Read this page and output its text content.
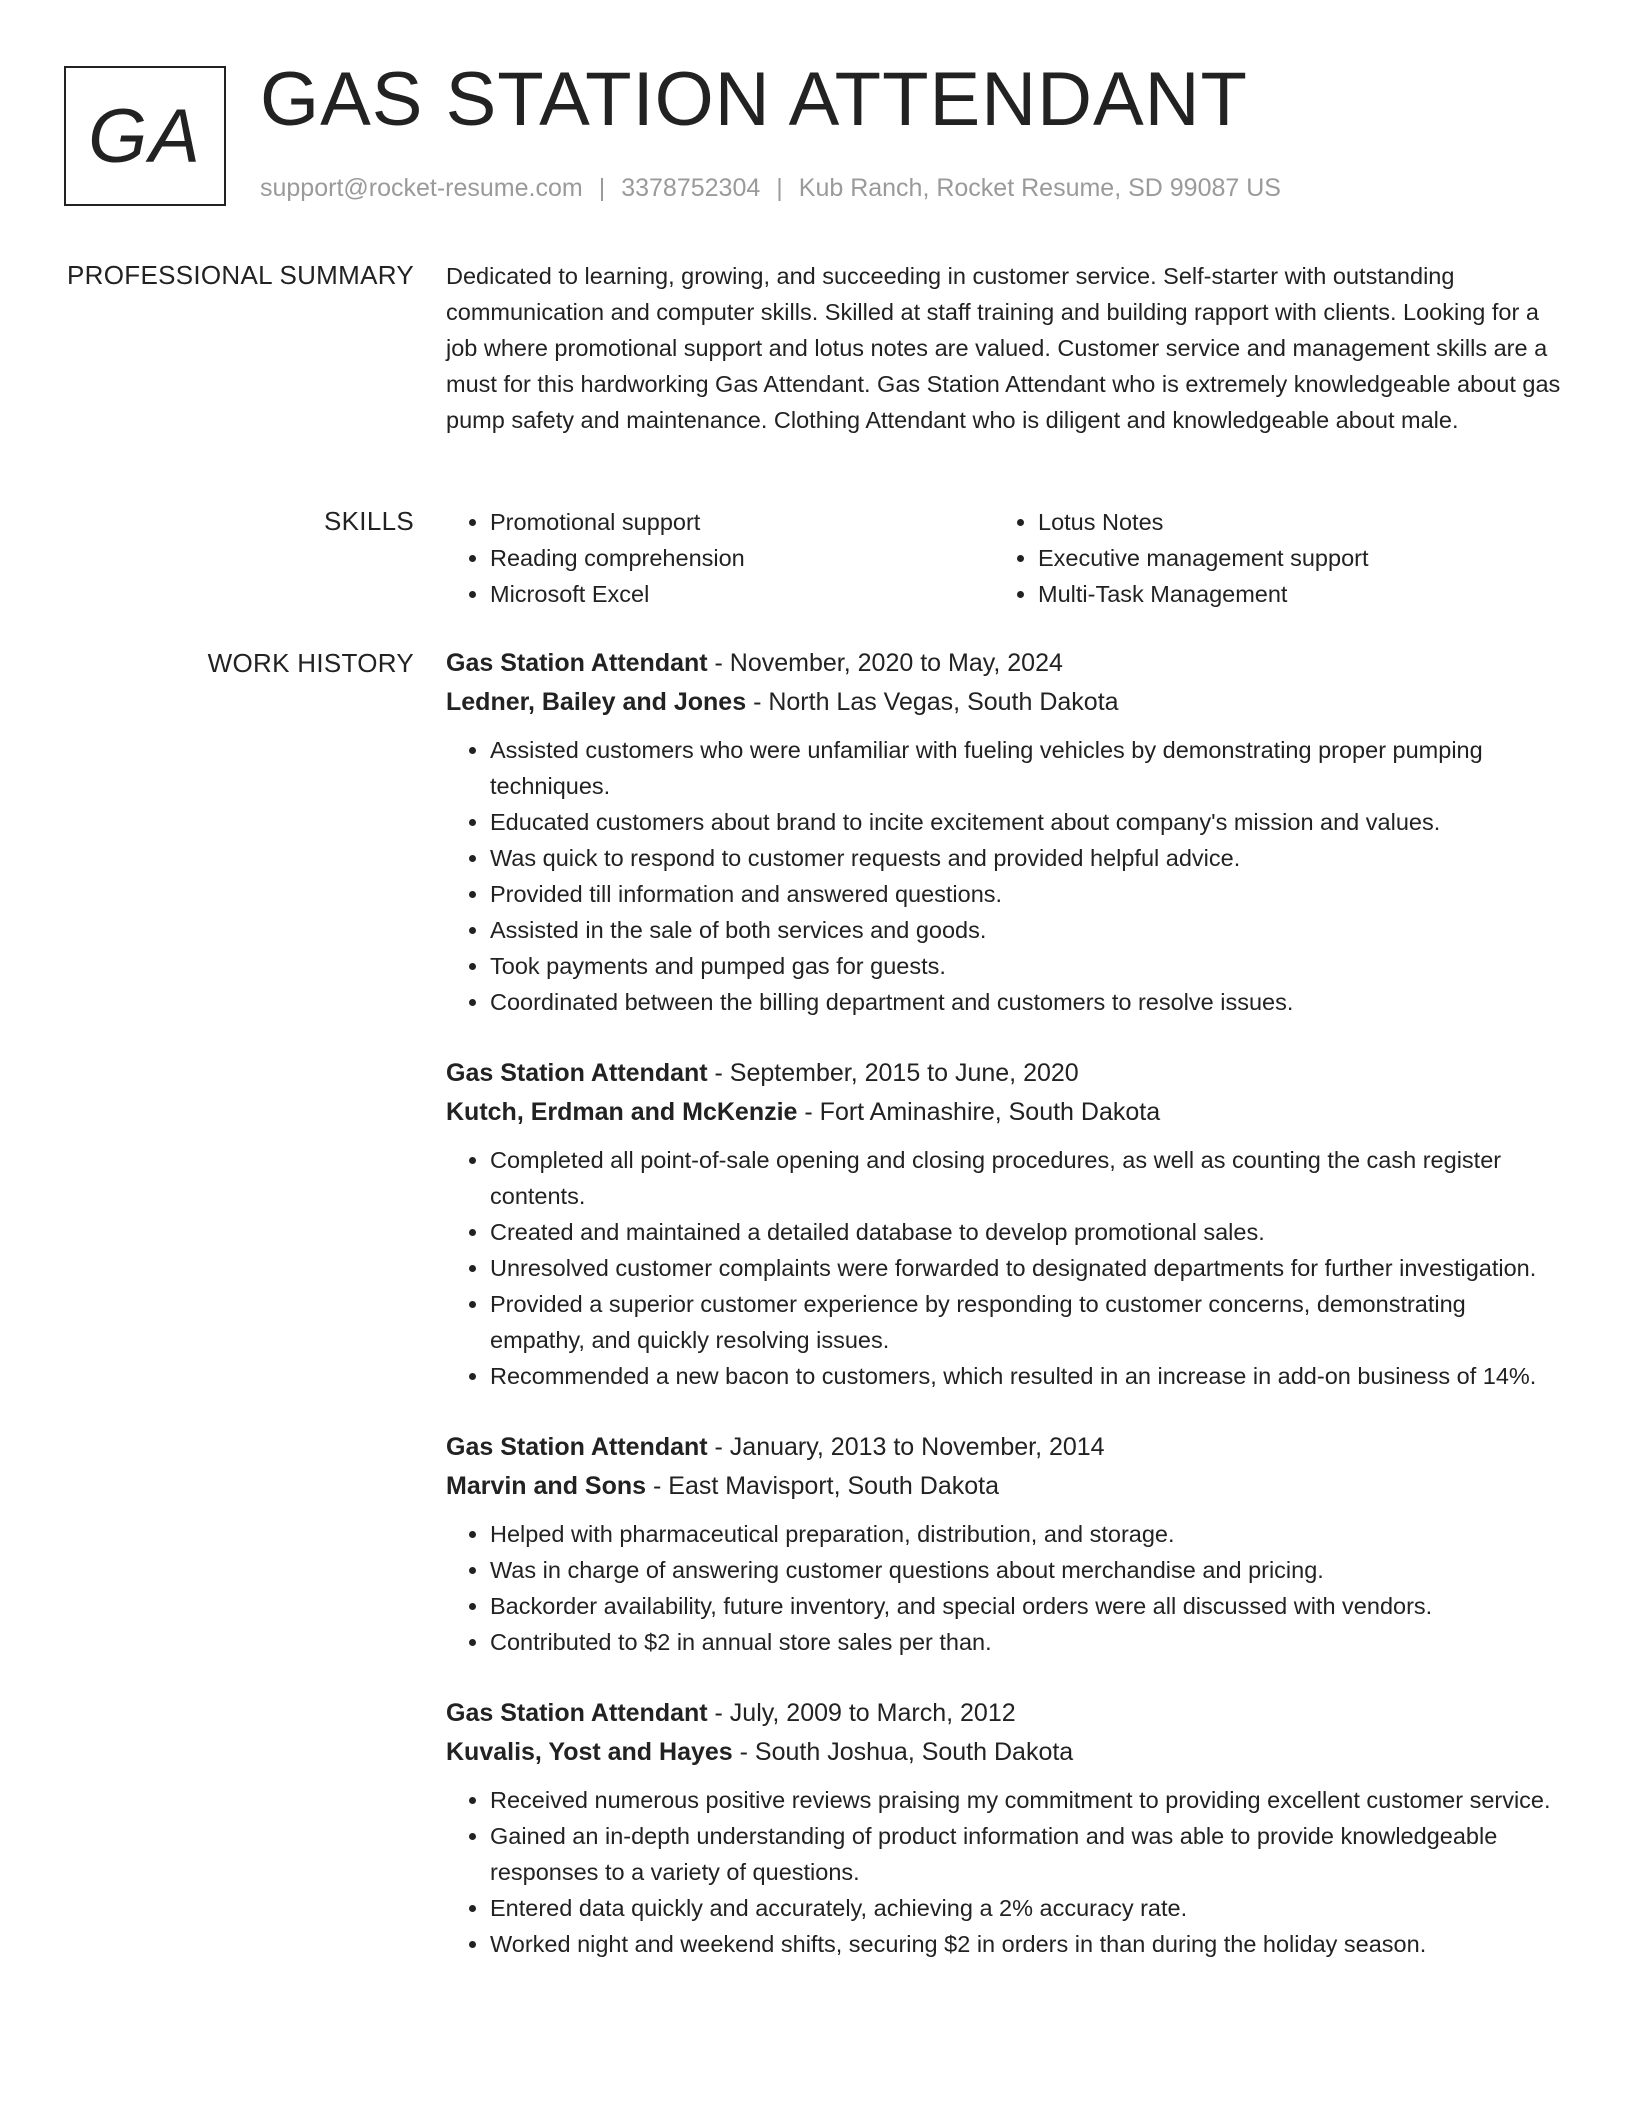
GA GAS STATION ATTENDANT
support@rocket-resume.com | 3378752304 | Kub Ranch, Rocket Resume, SD 99087 US
PROFESSIONAL SUMMARY Dedicated to learning, growing, and succeeding in customer service. Self-starter with outstanding communication and computer skills. Skilled at staff training and building rapport with clients. Looking for a job where promotional support and lotus notes are valued. Customer service and management skills are a must for this hardworking Gas Attendant. Gas Station Attendant who is extremely knowledgeable about gas pump safety and maintenance. Clothing Attendant who is diligent and knowledgeable about male.

SKILLS
•	Promotional support
• Reading comprehension
• Microsoft Excel
• Lotus Notes
• Executive management support
• Multi-Task Management
WORK HISTORY Gas Station Attendant - November, 2020 to May, 2024
Ledner, Bailey and Jones - North Las Vegas, South Dakota
• Assisted customers who were unfamiliar with fueling vehicles by demonstrating proper pumping techniques.
• Educated customers about brand to incite excitement about company's mission and values.
• Was quick to respond to customer requests and provided helpful advice.
• Provided till information and answered questions.
• Assisted in the sale of both services and goods.
• Took payments and pumped gas for guests.
• Coordinated between the billing department and customers to resolve issues.
Gas Station Attendant - September, 2015 to June, 2020
Kutch, Erdman and McKenzie - Fort Aminashire, South Dakota
• Completed all point-of-sale opening and closing procedures, as well as counting the cash register contents.
• Created and maintained a detailed database to develop promotional sales.
• Unresolved customer complaints were forwarded to designated departments for further investigation.
• Provided a superior customer experience by responding to customer concerns, demonstrating empathy, and quickly resolving issues.
• Recommended a new bacon to customers, which resulted in an increase in add-on business of 14%.
Gas Station Attendant - January, 2013 to November, 2014
Marvin and Sons - East Mavisport, South Dakota
• Helped with pharmaceutical preparation, distribution, and storage.
• Was in charge of answering customer questions about merchandise and pricing.
• Backorder availability, future inventory, and special orders were all discussed with vendors.
• Contributed to $2 in annual store sales per than.
Gas Station Attendant - July, 2009 to March, 2012
Kuvalis, Yost and Hayes - South Joshua, South Dakota
• Received numerous positive reviews praising my commitment to providing excellent customer service.
• Gained an in-depth understanding of product information and was able to provide knowledgeable responses to a variety of questions.
• Entered data quickly and accurately, achieving a 2% accuracy rate.
• Worked night and weekend shifts, securing $2 in orders in than during the holiday season.
